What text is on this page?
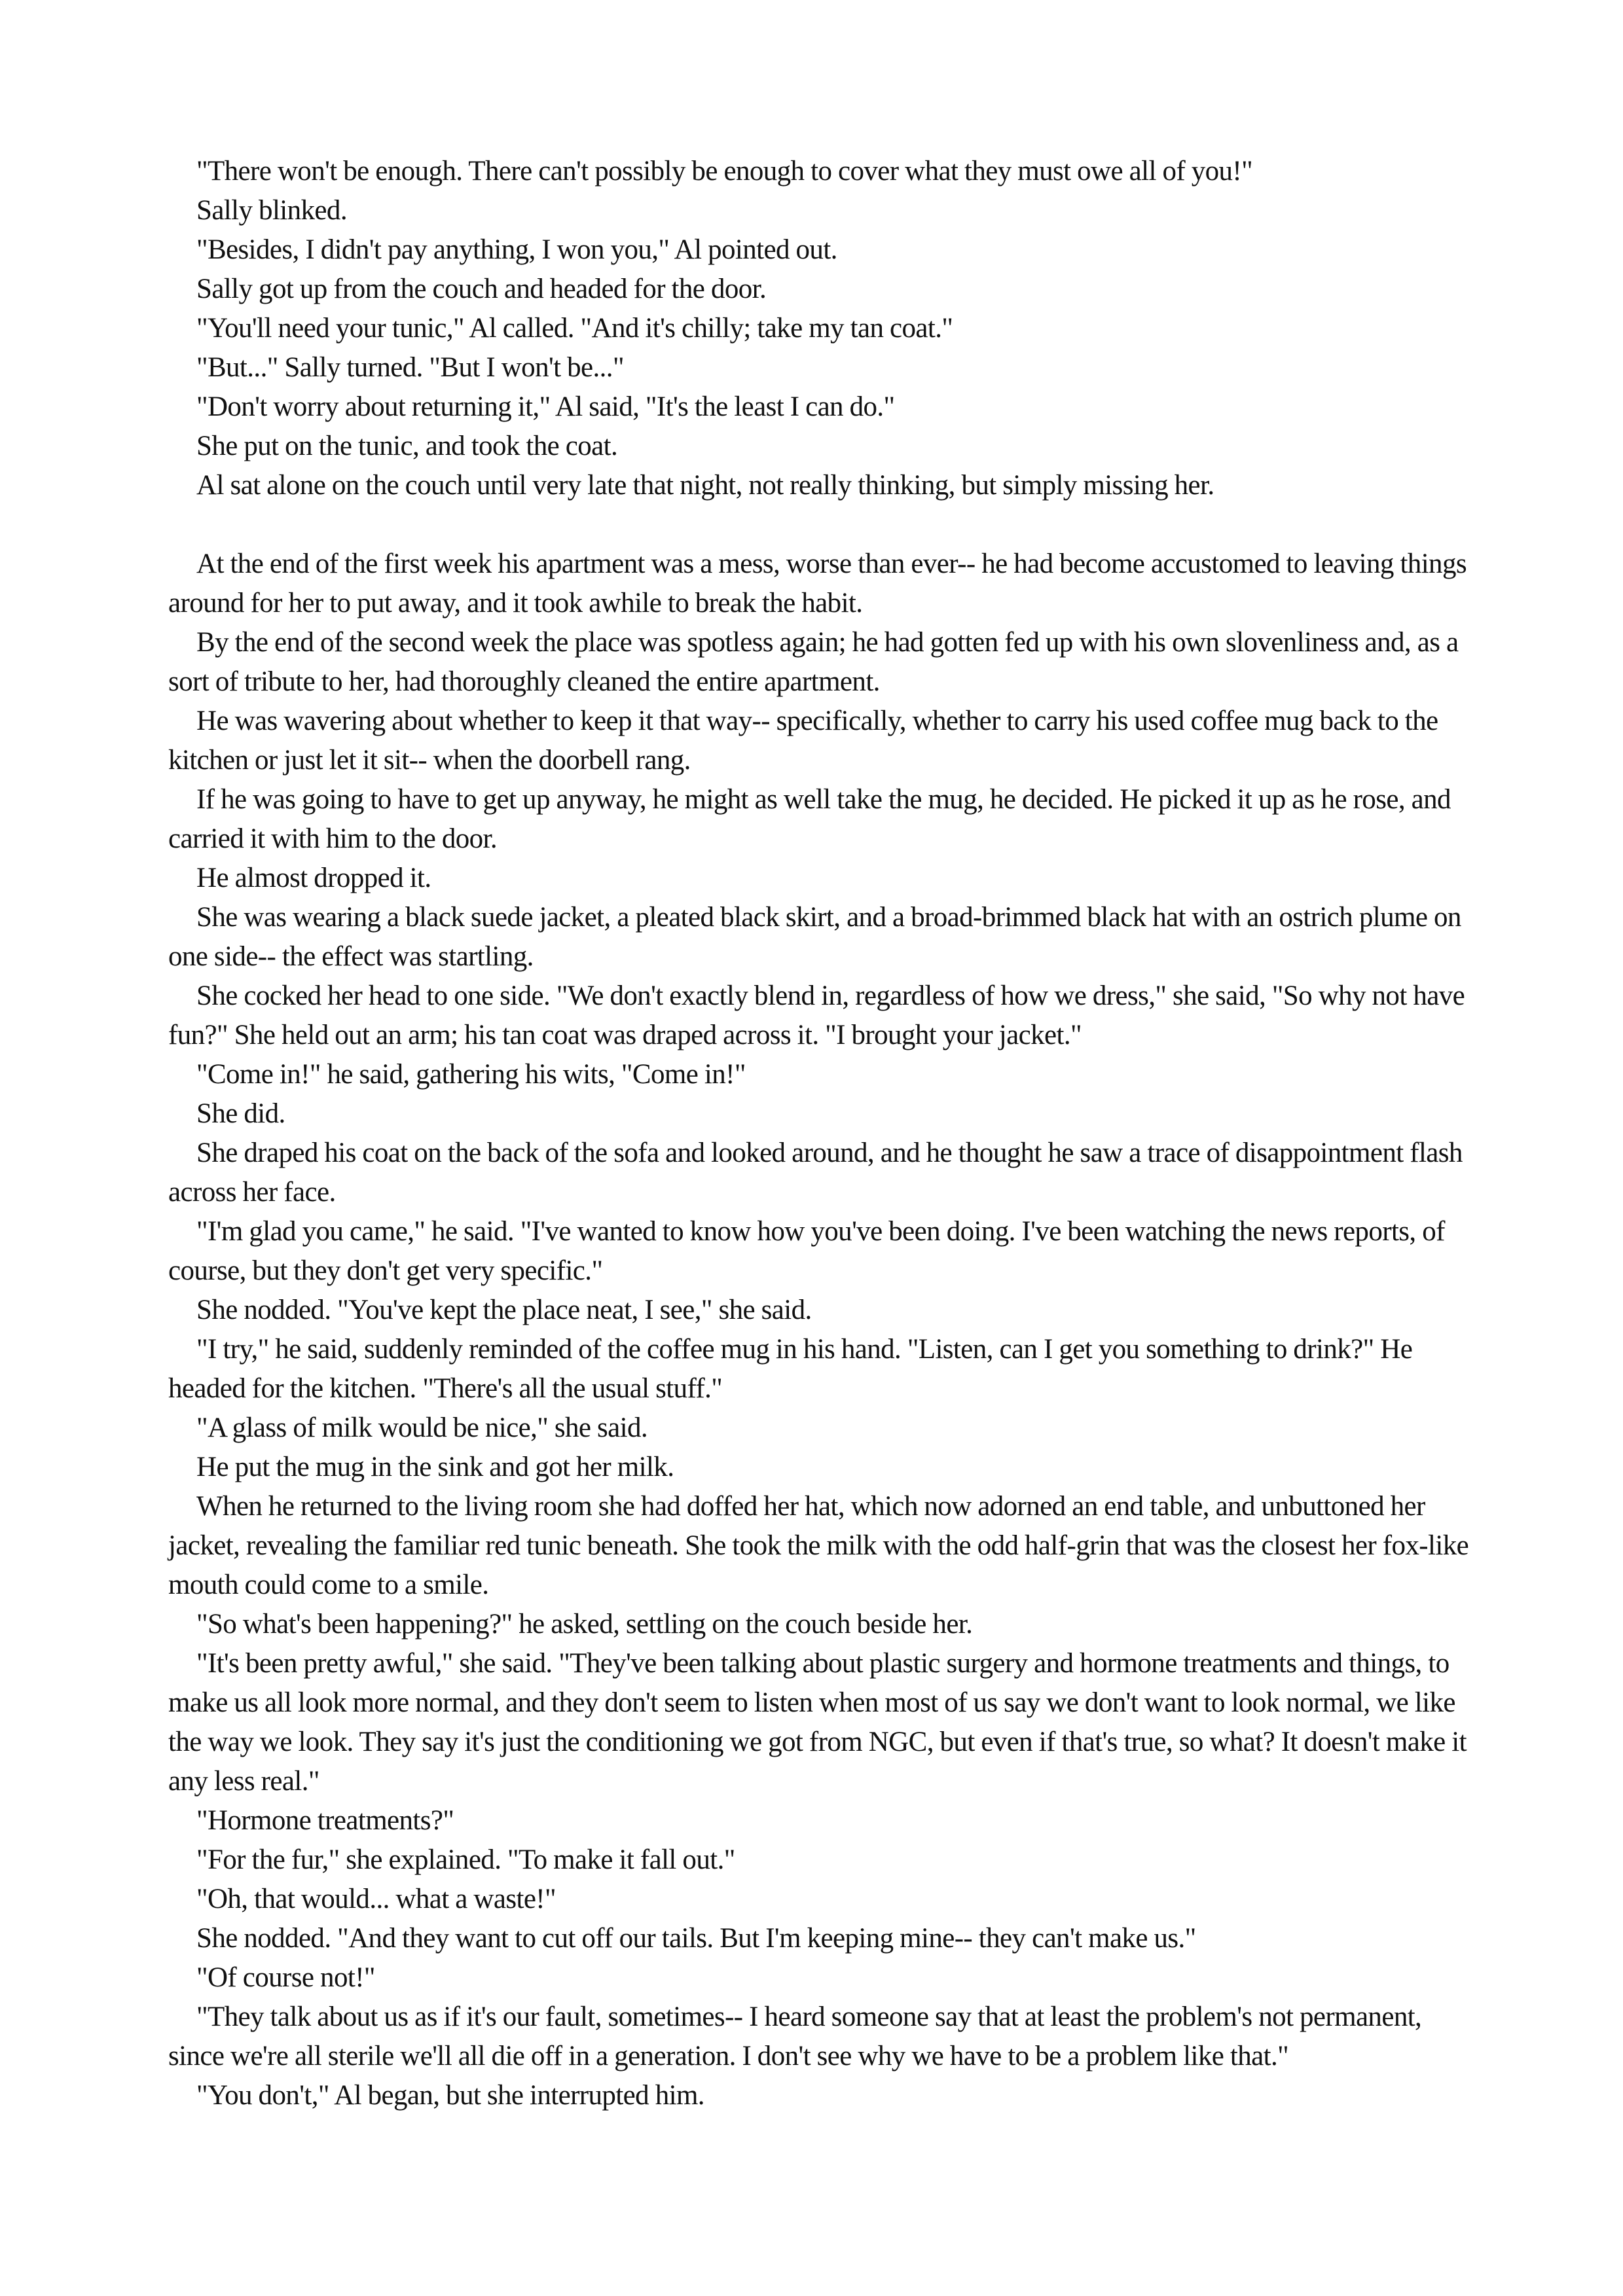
"There won't be enough. There can't possibly be enough to cover what they must owe all of you!"

Sally blinked.

"Besides, I didn't pay anything, I won you," Al pointed out.

Sally got up from the couch and headed for the door.

"You'll need your tunic," Al called. "And it's chilly; take my tan coat."

"But..." Sally turned. "But I won't be..."

"Don't worry about returning it," Al said, "It's the least I can do."

She put on the tunic, and took the coat.

Al sat alone on the couch until very late that night, not really thinking, but simply missing her.

At the end of the first week his apartment was a mess, worse than ever-- he had become accustomed to leaving things around for her to put away, and it took awhile to break the habit.

By the end of the second week the place was spotless again; he had gotten fed up with his own slovenliness and, as a sort of tribute to her, had thoroughly cleaned the entire apartment.

He was wavering about whether to keep it that way-- specifically, whether to carry his used coffee mug back to the kitchen or just let it sit-- when the doorbell rang.

If he was going to have to get up anyway, he might as well take the mug, he decided. He picked it up as he rose, and carried it with him to the door.

He almost dropped it.

She was wearing a black suede jacket, a pleated black skirt, and a broad-brimmed black hat with an ostrich plume on one side-- the effect was startling.

She cocked her head to one side. "We don't exactly blend in, regardless of how we dress," she said, "So why not have fun?" She held out an arm; his tan coat was draped across it. "I brought your jacket."

"Come in!" he said, gathering his wits, "Come in!"

She did.

She draped his coat on the back of the sofa and looked around, and he thought he saw a trace of disappointment flash across her face.

"I'm glad you came," he said. "I've wanted to know how you've been doing. I've been watching the news reports, of course, but they don't get very specific."

She nodded. "You've kept the place neat, I see," she said.

"I try," he said, suddenly reminded of the coffee mug in his hand. "Listen, can I get you something to drink?" He headed for the kitchen. "There's all the usual stuff."

"A glass of milk would be nice," she said.

He put the mug in the sink and got her milk.

When he returned to the living room she had doffed her hat, which now adorned an end table, and unbuttoned her jacket, revealing the familiar red tunic beneath. She took the milk with the odd half-grin that was the closest her fox-like mouth could come to a smile.

"So what's been happening?" he asked, settling on the couch beside her.

"It's been pretty awful," she said. "They've been talking about plastic surgery and hormone treatments and things, to make us all look more normal, and they don't seem to listen when most of us say we don't want to look normal, we like the way we look. They say it's just the conditioning we got from NGC, but even if that's true, so what? It doesn't make it any less real."

"Hormone treatments?"

"For the fur," she explained. "To make it fall out."

"Oh, that would... what a waste!"

She nodded. "And they want to cut off our tails. But I'm keeping mine-- they can't make us."

"Of course not!"

"They talk about us as if it's our fault, sometimes-- I heard someone say that at least the problem's not permanent, since we're all sterile we'll all die off in a generation. I don't see why we have to be a problem like that."

"You don't," Al began, but she interrupted him.
